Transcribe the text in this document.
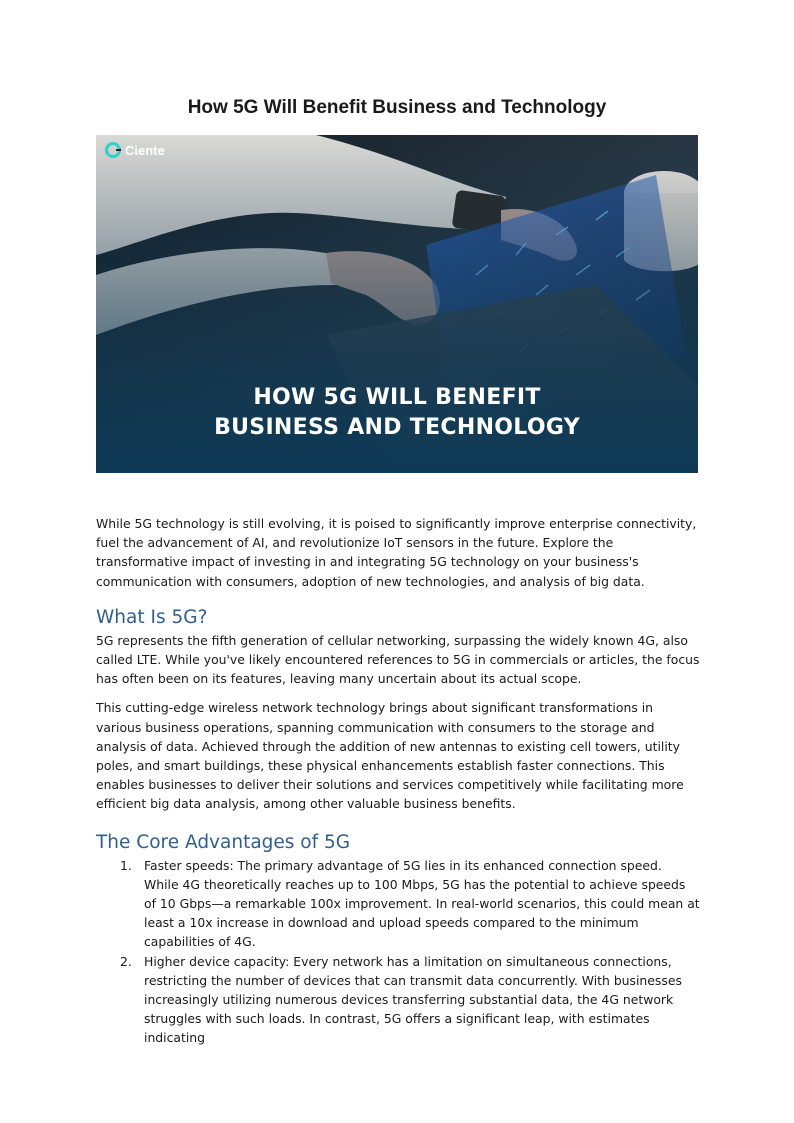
How 5G Will Benefit Business and Technology
Ciente
HOW 5G WILL BENEFIT
BUSINESS AND TECHNOLOGY

While 5G technology is still evolving, it is poised to significantly improve enterprise connectivity, fuel the advancement of AI, and revolutionize IoT sensors in the future. Explore the transformative impact of investing in and integrating 5G technology on your business's communication with consumers, adoption of new technologies, and analysis of big data.

What Is 5G?

5G represents the fifth generation of cellular networking, surpassing the widely known 4G, also called LTE. While you've likely encountered references to 5G in commercials or articles, the focus has often been on its features, leaving many uncertain about its actual scope.

This cutting-edge wireless network technology brings about significant transformations in various business operations, spanning communication with consumers to the storage and analysis of data. Achieved through the addition of new antennas to existing cell towers, utility poles, and smart buildings, these physical enhancements establish faster connections. This enables businesses to deliver their solutions and services competitively while facilitating more efficient big data analysis, among other valuable business benefits.

The Core Advantages of 5G
1. Faster speeds: The primary advantage of 5G lies in its enhanced connection speed. While 4G theoretically reaches up to 100 Mbps, 5G has the potential to achieve speeds of 10 Gbps—a remarkable 100x improvement. In real-world scenarios, this could mean at least a 10x increase in download and upload speeds compared to the minimum capabilities of 4G.
2. Higher device capacity: Every network has a limitation on simultaneous connections, restricting the number of devices that can transmit data concurrently. With businesses increasingly utilizing numerous devices transferring substantial data, the 4G network struggles with such loads. In contrast, 5G offers a significant leap, with estimates indicating
